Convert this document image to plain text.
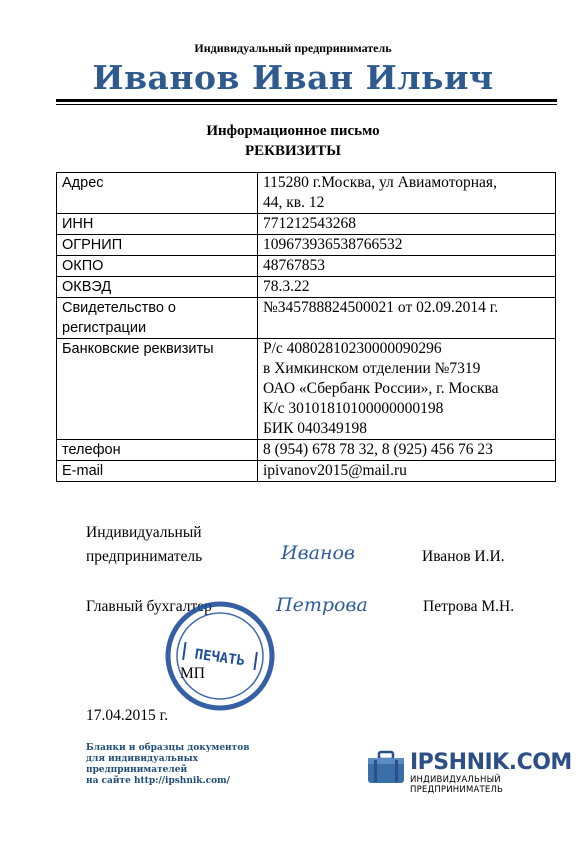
Индивидуальный предприниматель
Иванов Иван Ильич
Информационное письмо
РЕКВИЗИТЫ
Адрес	115280 г.Москва, ул Авиамоторная,
44, кв. 12

ИНН	771212543268

ОГРНИП	109673936538766532

ОКПО	48767853

ОКВЭД	78.3.22

Свидетельство о
регистрации	№345788824500021 от 02.09.2014 г.

Банковские реквизиты	Р/с 40802810230000090296
в Химкинском отделении №7319
ОАО «Сбербанк России», г. Москва
К/с 30101810100000000198
БИК 040349198

телефон	8 (954) 678 78 32, 8 (925) 456 76 23

E-mail	ipivanov2015@mail.ru
Индивидуальный
предприниматель	Иванов	Иванов И.И.
Главный бухгалтер	Петрова	Петрова М.Н.
ПЕЧАТЬ
МП
17.04.2015 г.
Бланки и образцы документов
для индивидуальных
предпринимателей
на сайте http://ipshnik.com/
IPSHNIK.COM
ИНДИВИДУАЛЬНЫЙ ПРЕДПРИНИМАТЕЛЬ
